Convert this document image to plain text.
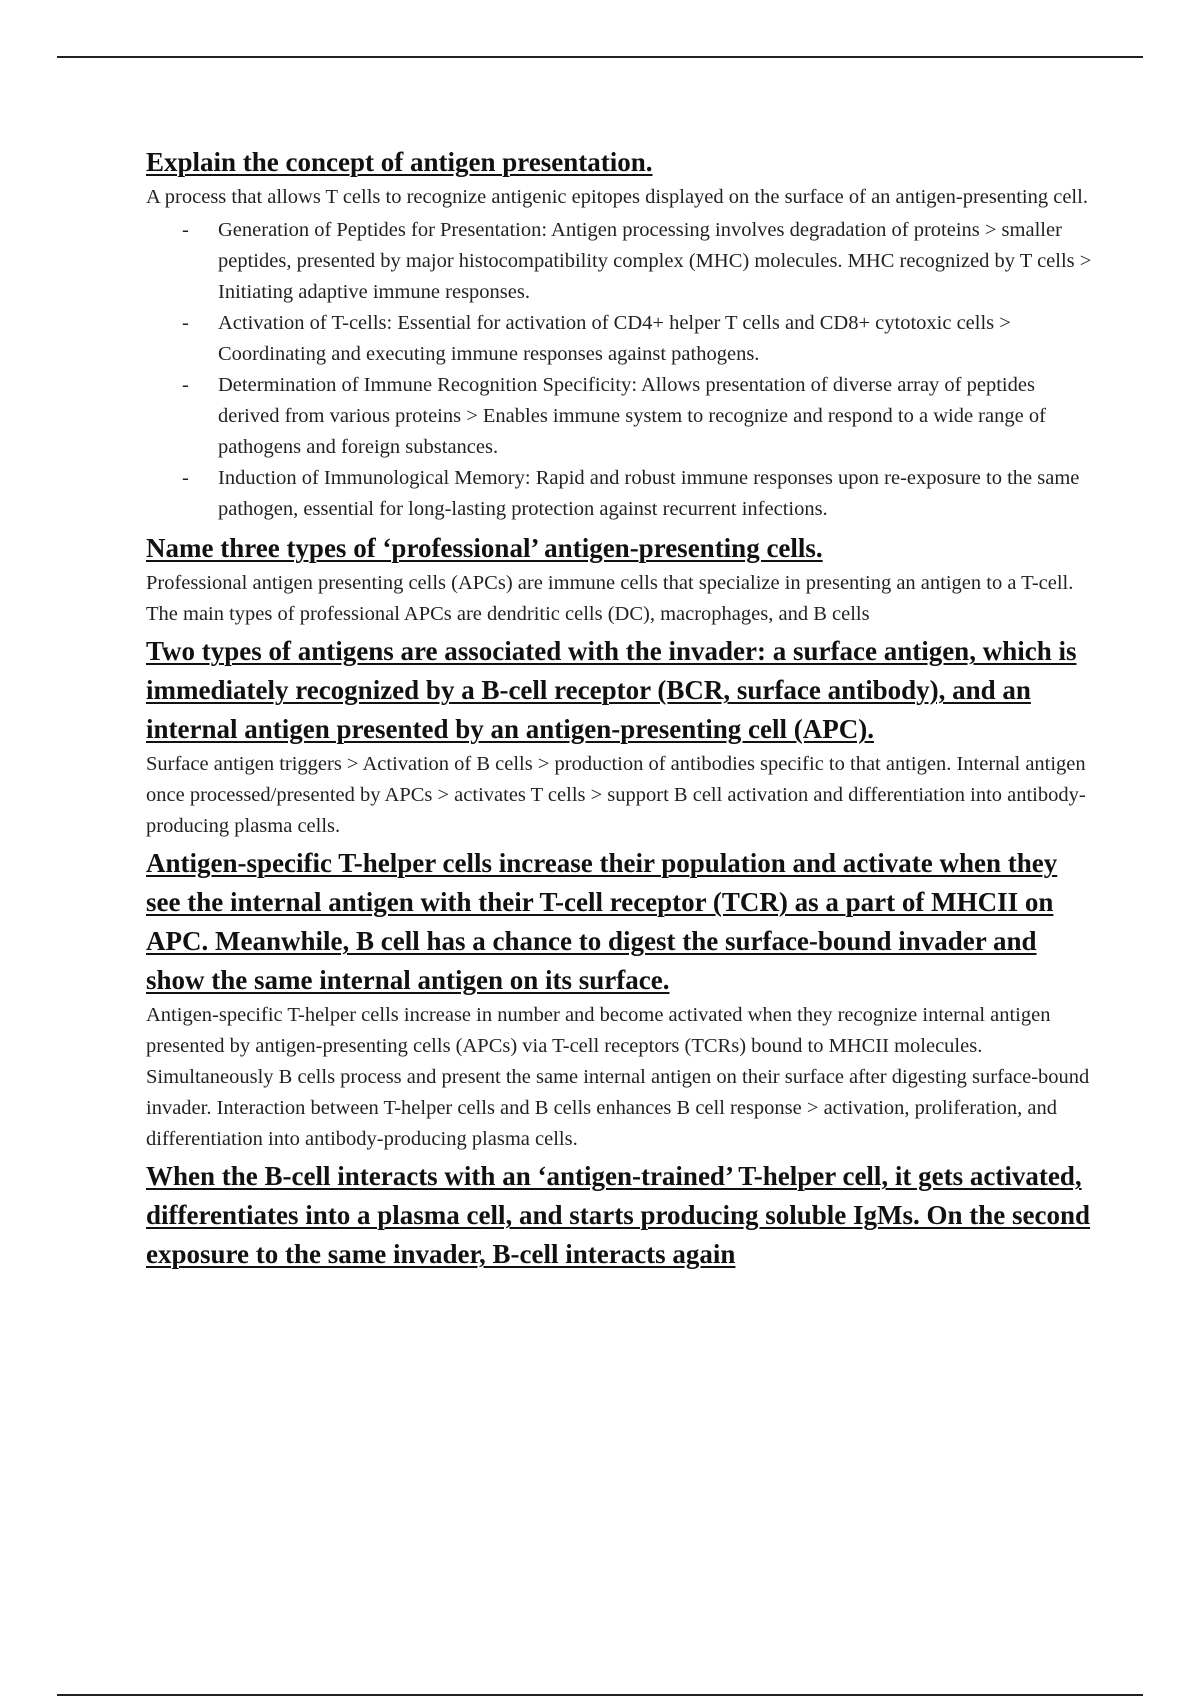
Explain the concept of antigen presentation.

A process that allows T cells to recognize antigenic epitopes displayed on the surface of an antigen-presenting cell.

- Generation of Peptides for Presentation: Antigen processing involves degradation of proteins > smaller peptides, presented by major histocompatibility complex (MHC) molecules. MHC recognized by T cells > Initiating adaptive immune responses.
- Activation of T-cells: Essential for activation of CD4+ helper T cells and CD8+ cytotoxic cells > Coordinating and executing immune responses against pathogens.
- Determination of Immune Recognition Specificity: Allows presentation of diverse array of peptides derived from various proteins > Enables immune system to recognize and respond to a wide range of pathogens and foreign substances.
- Induction of Immunological Memory: Rapid and robust immune responses upon re-exposure to the same pathogen, essential for long-lasting protection against recurrent infections.
Name three types of ‘professional’ antigen-presenting cells.

Professional antigen presenting cells (APCs) are immune cells that specialize in presenting an antigen to a T-cell. The main types of professional APCs are dendritic cells (DC), macrophages, and B cells

Two types of antigens are associated with the invader: a surface antigen, which is immediately recognized by a B-cell receptor (BCR, surface antibody), and an internal antigen presented by an antigen-presenting cell (APC).

Surface antigen triggers > Activation of B cells > production of antibodies specific to that antigen. Internal antigen once processed/presented by APCs > activates T cells > support B cell activation and differentiation into antibody-producing plasma cells.

Antigen-specific T-helper cells increase their population and activate when they see the internal antigen with their T-cell receptor (TCR) as a part of MHCII on APC. Meanwhile, B cell has a chance to digest the surface-bound invader and show the same internal antigen on its surface.

Antigen-specific T-helper cells increase in number and become activated when they recognize internal antigen presented by antigen-presenting cells (APCs) via T-cell receptors (TCRs) bound to MHCII molecules. Simultaneously B cells process and present the same internal antigen on their surface after digesting surface-bound invader. Interaction between T-helper cells and B cells enhances B cell response > activation, proliferation, and differentiation into antibody-producing plasma cells.

When the B-cell interacts with an ‘antigen-trained’ T-helper cell, it gets activated, differentiates into a plasma cell, and starts producing soluble IgMs. On the second exposure to the same invader, B-cell interacts again
